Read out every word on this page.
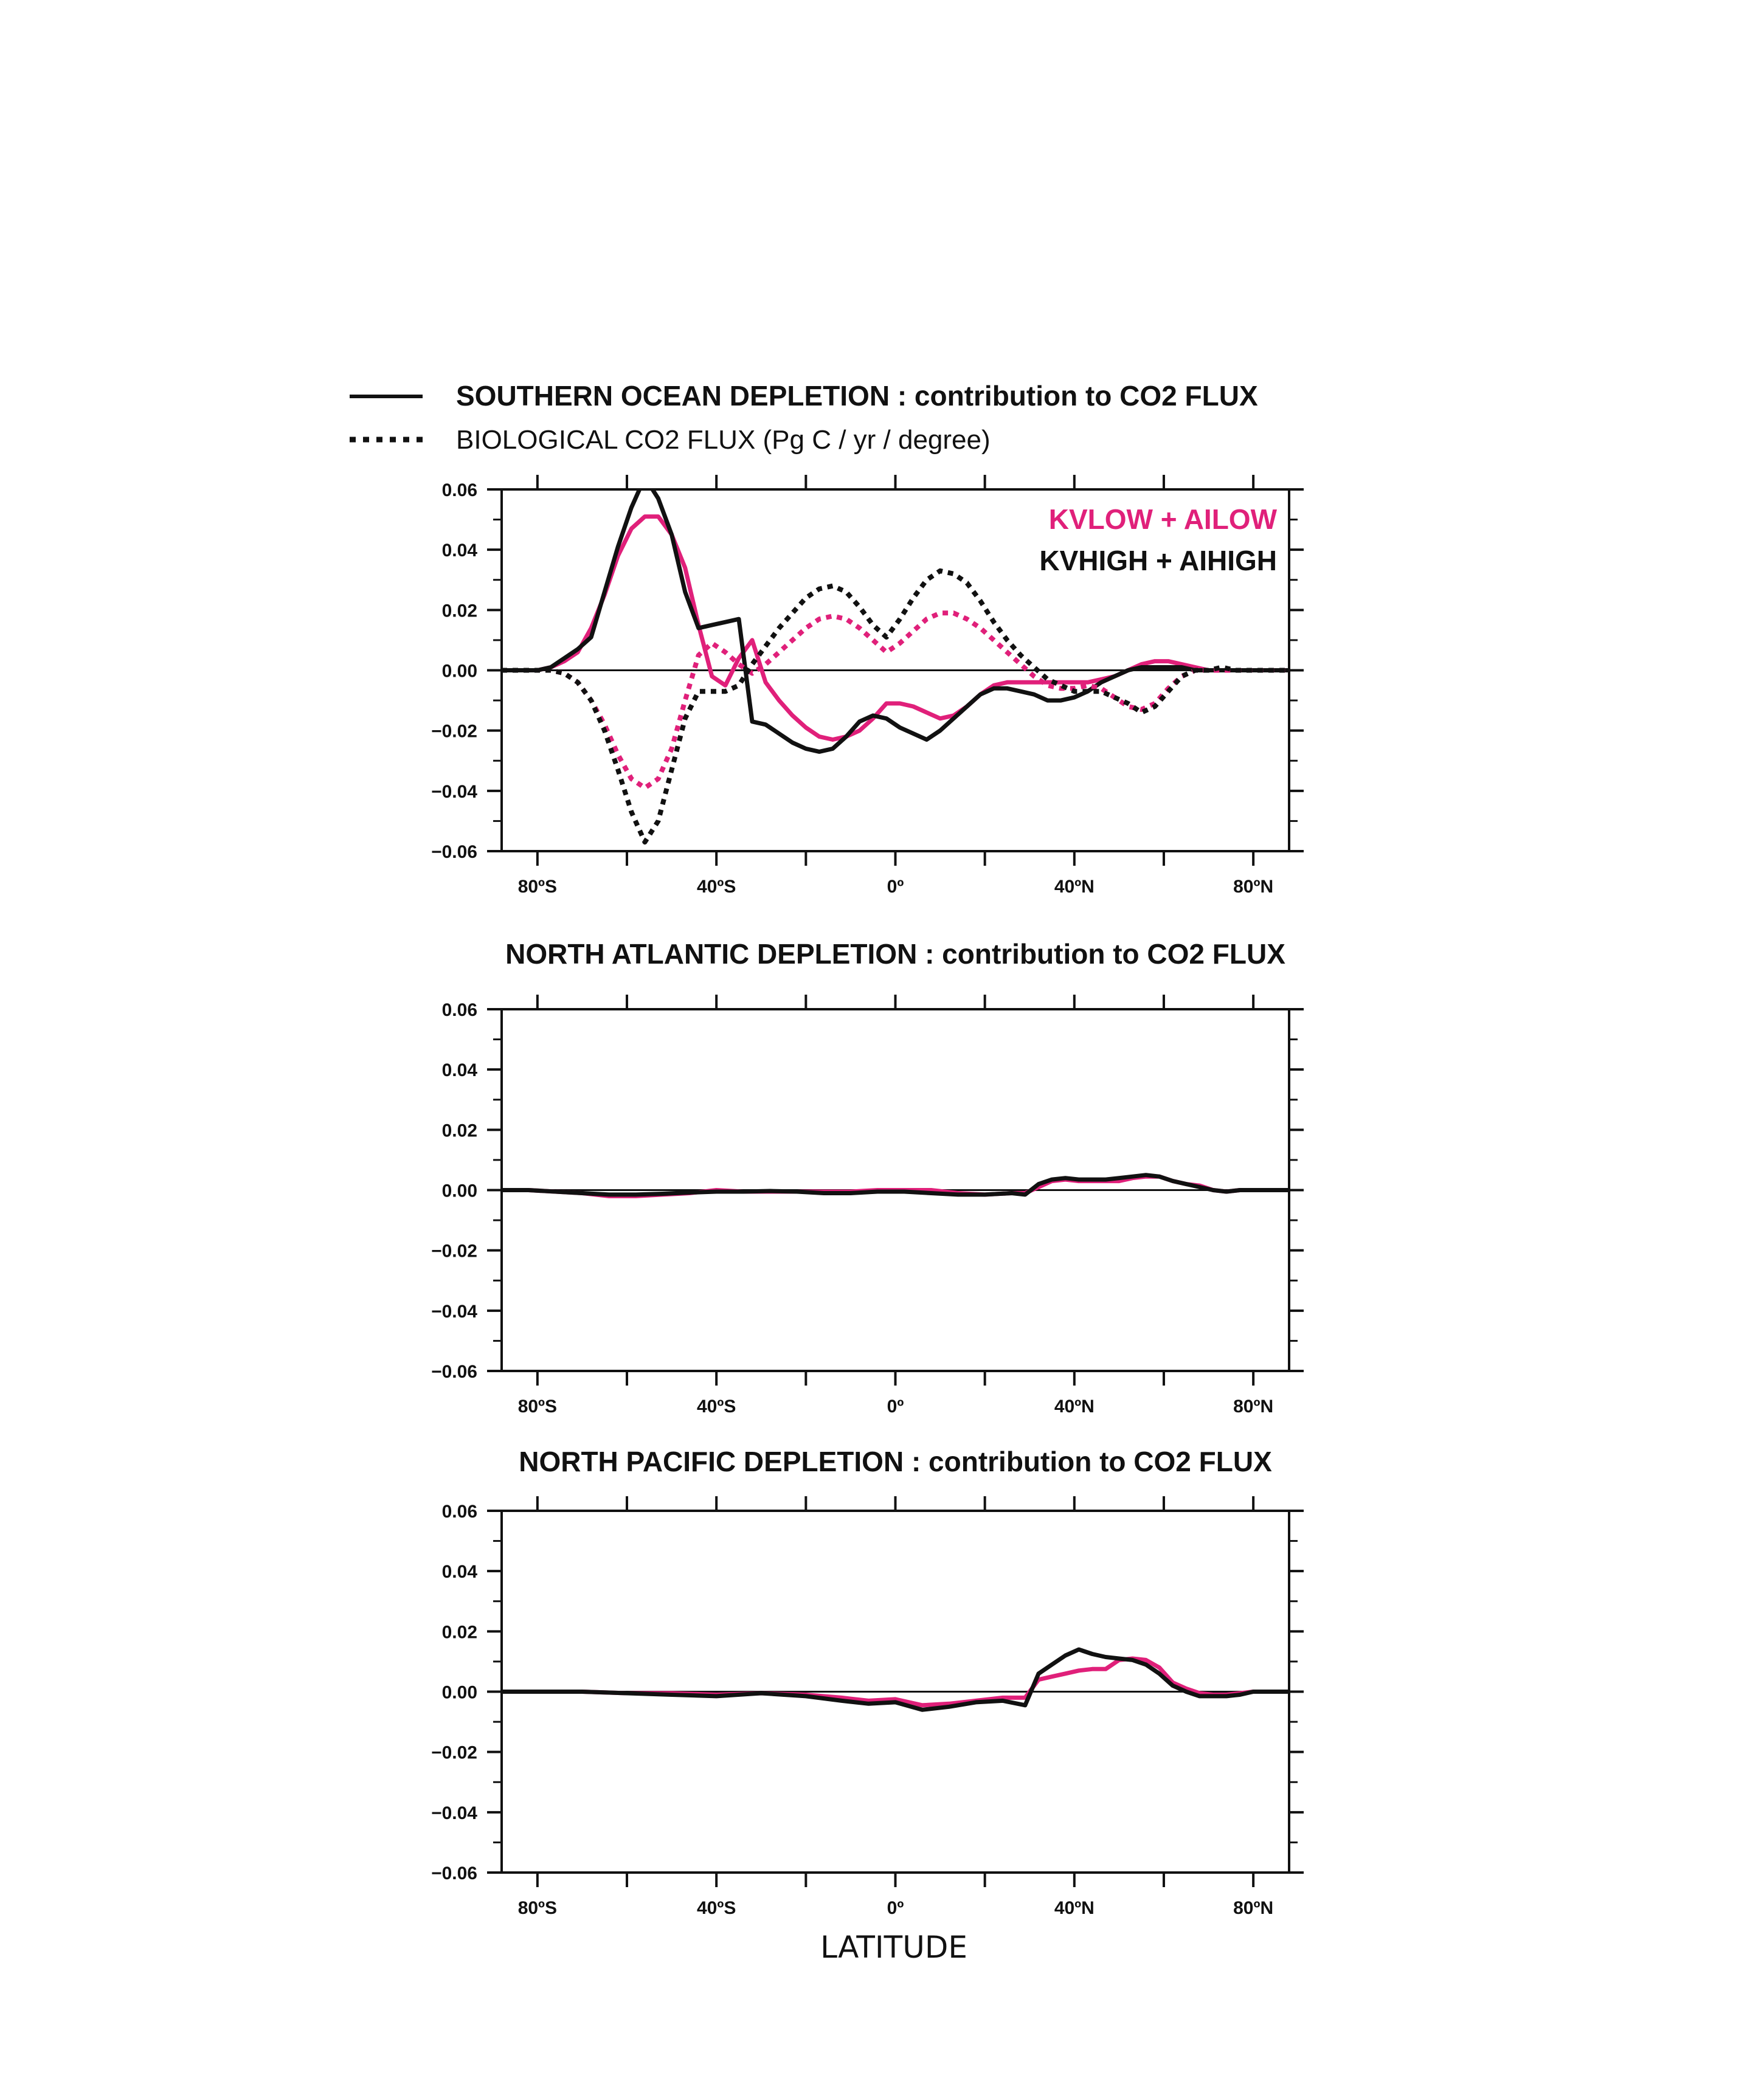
SOUTHERN OCEAN DEPLETION : contribution to CO2 FLUX
BIOLOGICAL CO2 FLUX (Pg C / yr / degree)
0.06
0.04
0.02
0.00
−0.02
−0.04
−0.06
80ºS	40ºS	0º	40ºN	80ºN
KVLOW + AILOW
KVHIGH + AIHIGH
NORTH ATLANTIC DEPLETION : contribution to CO2 FLUX
0.06
0.04
0.02
0.00
−0.02
−0.04
−0.06
80ºS	40ºS	0º	40ºN	80ºN
NORTH PACIFIC DEPLETION : contribution to CO2 FLUX
0.06
0.04
0.02
0.00
−0.02
−0.04
−0.06
80ºS	40ºS	0º	40ºN	80ºN
LATITUDE
